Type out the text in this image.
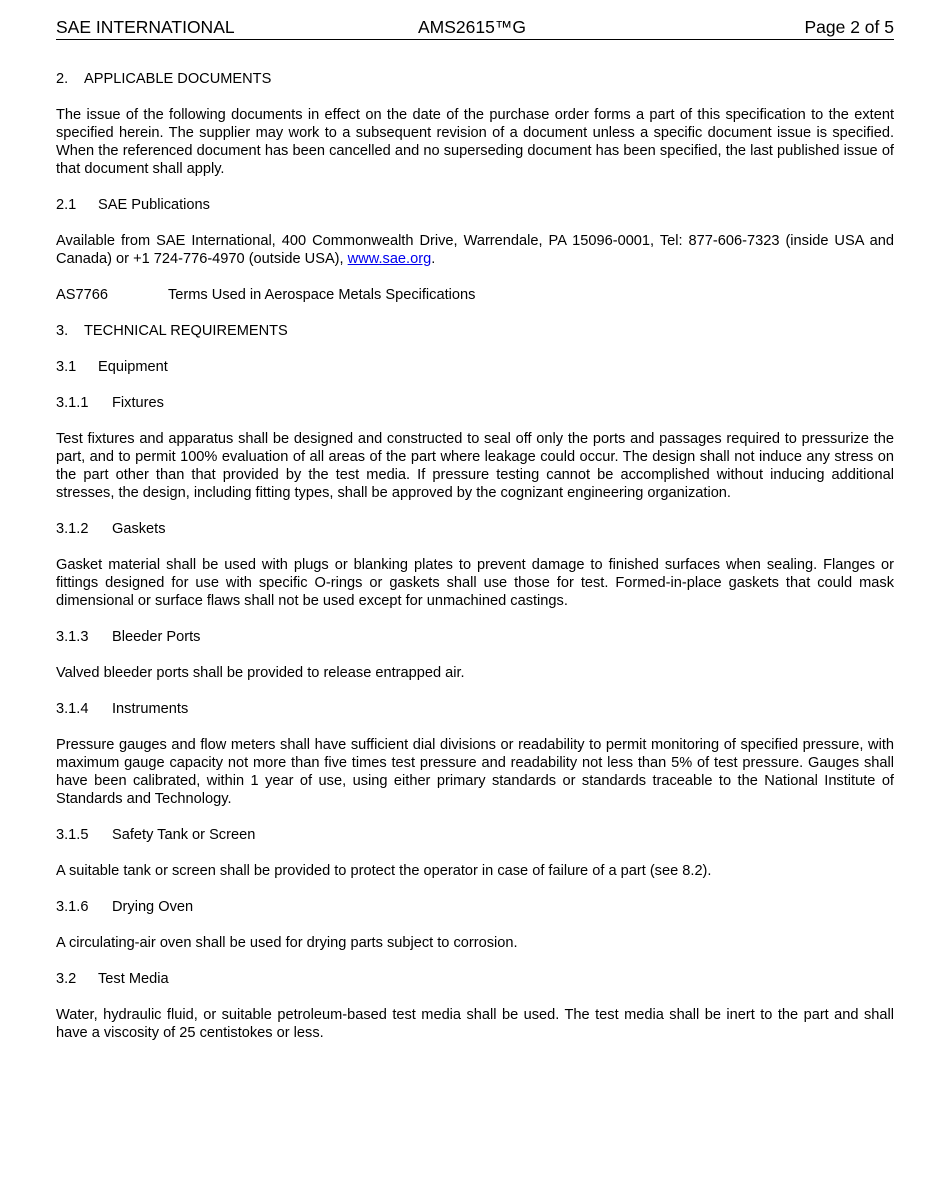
SAE INTERNATIONAL	AMS2615™G	Page 2 of 5
2. APPLICABLE DOCUMENTS

The issue of the following documents in effect on the date of the purchase order forms a part of this specification to the extent specified herein. The supplier may work to a subsequent revision of a document unless a specific document issue is specified. When the referenced document has been cancelled and no superseding document has been specified, the last published issue of that document shall apply.

2.1 SAE Publications

Available from SAE International, 400 Commonwealth Drive, Warrendale, PA 15096-0001, Tel: 877-606-7323 (inside USA and Canada) or +1 724-776-4970 (outside USA), www.sae.org.

AS7766	Terms Used in Aerospace Metals Specifications
3. TECHNICAL REQUIREMENTS
3.1 Equipment
3.1.1 Fixtures

Test fixtures and apparatus shall be designed and constructed to seal off only the ports and passages required to pressurize the part, and to permit 100% evaluation of all areas of the part where leakage could occur. The design shall not induce any stress on the part other than that provided by the test media. If pressure testing cannot be accomplished without inducing additional stresses, the design, including fitting types, shall be approved by the cognizant engineering organization.

3.1.2 Gaskets

Gasket material shall be used with plugs or blanking plates to prevent damage to finished surfaces when sealing. Flanges or fittings designed for use with specific O-rings or gaskets shall use those for test. Formed-in-place gaskets that could mask dimensional or surface flaws shall not be used except for unmachined castings.

3.1.3 Bleeder Ports

Valved bleeder ports shall be provided to release entrapped air.

3.1.4 Instruments

Pressure gauges and flow meters shall have sufficient dial divisions or readability to permit monitoring of specified pressure, with maximum gauge capacity not more than five times test pressure and readability not less than 5% of test pressure. Gauges shall have been calibrated, within 1 year of use, using either primary standards or standards traceable to the National Institute of Standards and Technology.

3.1.5 Safety Tank or Screen

A suitable tank or screen shall be provided to protect the operator in case of failure of a part (see 8.2).

3.1.6 Drying Oven

A circulating-air oven shall be used for drying parts subject to corrosion.

3.2 Test Media

Water, hydraulic fluid, or suitable petroleum-based test media shall be used. The test media shall be inert to the part and shall have a viscosity of 25 centistokes or less.
